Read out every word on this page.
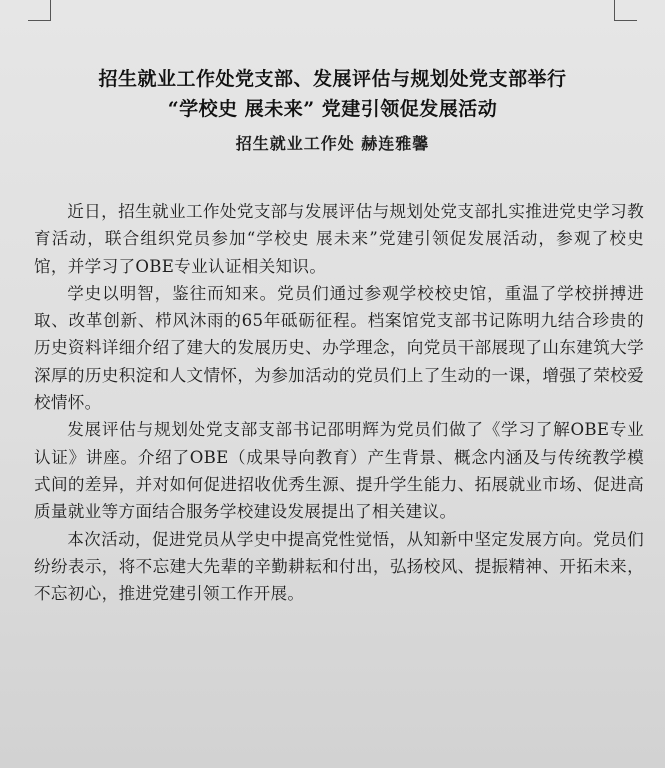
招生就业工作处党支部、发展评估与规划处党支部举行
“学校史 展未来” 党建引领促发展活动
招生就业工作处 赫连雅馨

近日，招生就业工作处党支部与发展评估与规划处党支部扎实推进党史学习教育活动，联合组织党员参加“学校史 展未来”党建引领促发展活动，参观了校史馆，并学习了OBE专业认证相关知识。

学史以明智，鉴往而知来。党员们通过参观学校校史馆，重温了学校拼搏进取、改革创新、栉风沐雨的65年砥砺征程。档案馆党支部书记陈明九结合珍贵的历史资料详细介绍了建大的发展历史、办学理念，向党员干部展现了山东建筑大学深厚的历史积淀和人文情怀，为参加活动的党员们上了生动的一课，增强了荣校爱校情怀。

发展评估与规划处党支部支部书记邵明辉为党员们做了《学习了解OBE专业认证》讲座。介绍了OBE（成果导向教育）产生背景、概念内涵及与传统教学模式间的差异，并对如何促进招收优秀生源、提升学生能力、拓展就业市场、促进高质量就业等方面结合服务学校建设发展提出了相关建议。

本次活动，促进党员从学史中提高党性觉悟，从知新中坚定发展方向。党员们纷纷表示，将不忘建大先辈的辛勤耕耘和付出，弘扬校风、提振精神、开拓未来，不忘初心，推进党建引领工作开展。
